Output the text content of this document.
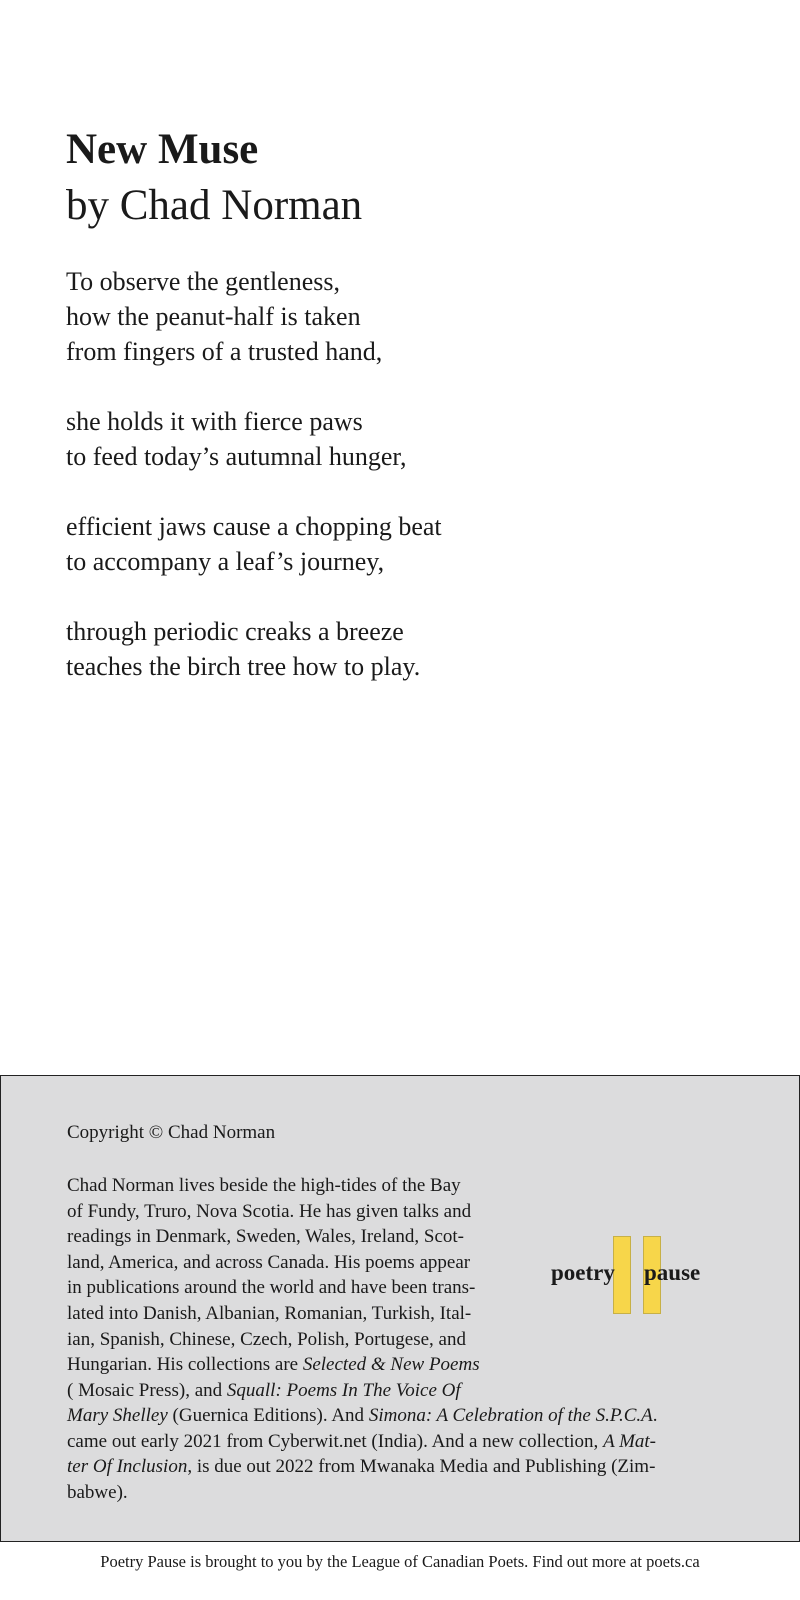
New Muse

by Chad Norman

To observe the gentleness,
how the peanut-half is taken
from fingers of a trusted hand,

she holds it with fierce paws
to feed today’s autumnal hunger,

efficient jaws cause a chopping beat
to accompany a leaf’s journey,

through periodic creaks a breeze
teaches the birch tree how to play.

Copyright © Chad Norman

Chad Norman lives beside the high-tides of the Bay
of Fundy, Truro, Nova Scotia. He has given talks and
readings in Denmark, Sweden, Wales, Ireland, Scot-
land, America, and across Canada. His poems appear
in publications around the world and have been trans-
lated into Danish, Albanian, Romanian, Turkish, Ital-
ian, Spanish, Chinese, Czech, Polish, Portugese, and
Hungarian. His collections are Selected & New Poems
( Mosaic Press), and Squall: Poems In The Voice Of

Mary Shelley (Guernica Editions). And Simona: A Celebration of the S.P.C.A.
came out early 2021 from Cyberwit.net (India). And a new collection, A Mat-
ter Of Inclusion, is due out 2022 from Mwanaka Media and Publishing (Zim-
babwe).

poetry pause

Poetry Pause is brought to you by the League of Canadian Poets. Find out more at poets.ca
